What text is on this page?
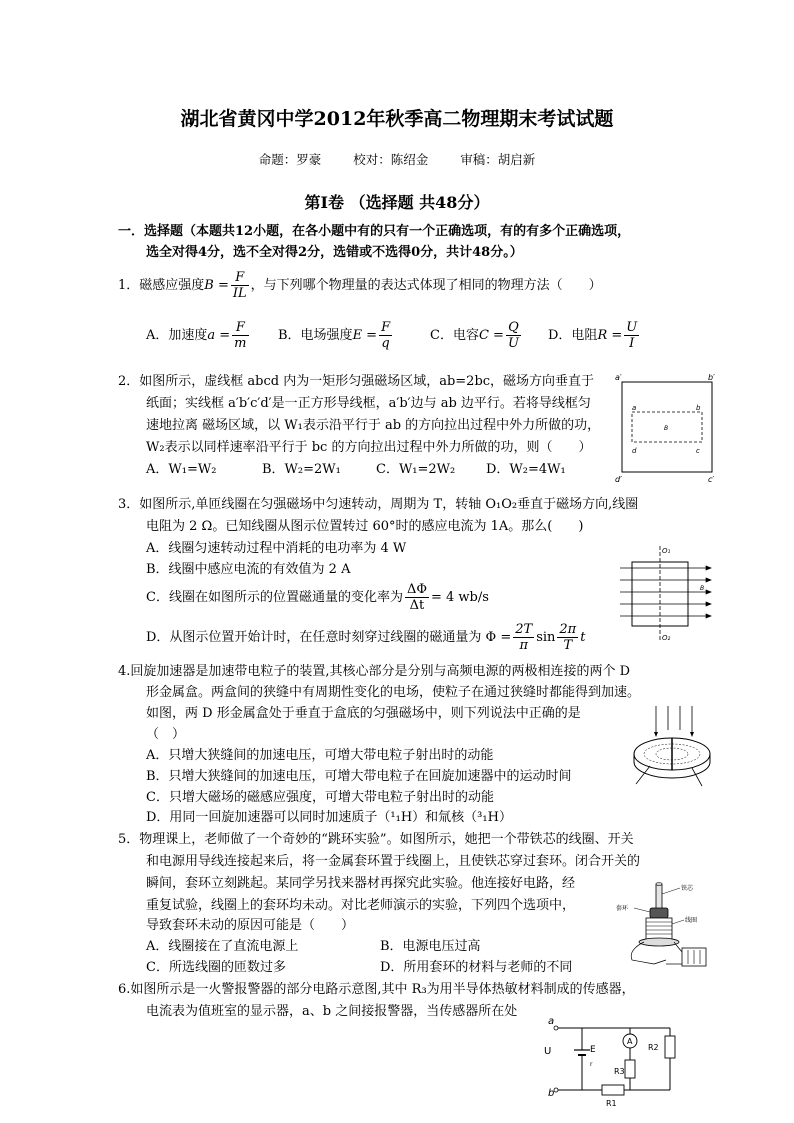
湖北省黄冈中学2012年秋季高二物理期末考试试题
命题：罗豪	校对：陈绍金	审稿：胡启新
第Ⅰ卷 （选择题 共48分）
一．选择题（本题共12小题，在各小题中有的只有一个正确选项，有的有多个正确选项，
选全对得4分，选不全对得2分，选错或不选得0分，共计48分。）
1．磁感应强度$B = \frac{F}{IL}$ ，与下列哪个物理量的表达式体现了相同的物理方法（　　）
A．加速度$a = \frac{F}{m}$ B．电场强度$E = \frac{F}{q}$	C．电容$C = \frac{Q}{U}$ D．电阻$R = \frac{U}{I}$
2．如图所示，虚线框 abcd 内为一矩形匀强磁场区域，ab=2bc，磁场方向垂直于
纸面；实线框 a′b′c′d′是一正方形导线框，a′b′边与 ab 边平行。若将导线框匀
速地拉离 磁场区域，以 W₁表示沿平行于 ab 的方向拉出过程中外力所做的功，
W₂表示以同样速率沿平行于 bc 的方向拉出过程中外力所做的功，则（　　）
A．W₁=W₂	B．W₂=2W₁	C．W₁=2W₂ D．W₂=4W₁
a′	b′
c′
d′
a	b
c
d
B
3．如图所示,单匝线圈在匀强磁场中匀速转动，周期为 T，转轴 O₁O₂垂直于磁场方向,线圈
电阻为 2 Ω。已知线圈从图示位置转过 60°时的感应电流为 1A。那么(　　)
A．线圈匀速转动过程中消耗的电功率为 4 W
B．线圈中感应电流的有效值为 2 A
C．线圈在如图所示的位置磁通量的变化率为 $\frac{\Delta\Phi}{\Delta t} = 4$ wb/s
D．从图示位置开始计时，在任意时刻穿过线圈的磁通量为 $\Phi = \frac{2T}{\pi}$ $\sin \frac{2\pi}{T}$ t
O₁
O₂
B
4.回旋加速器是加速带电粒子的装置,其核心部分是分别与高频电源的两极相连接的两个 D
形金属盒。两盒间的狭缝中有周期性变化的电场，使粒子在通过狭缝时都能得到加速。
如图，两 D 形金属盒处于垂直于盒底的匀强磁场中，则下列说法中正确的是
（　）
A．只增大狭缝间的加速电压，可增大带电粒子射出时的动能
B．只增大狭缝间的加速电压，可增大带电粒子在回旋加速器中的运动时间
C．只增大磁场的磁感应强度，可增大带电粒子射出时的动能
D．用同一回旋加速器可以同时加速质子（¹₁H）和氚核（³₁H）
5．物理课上，老师做了一个奇妙的“跳环实验”。如图所示，她把一个带铁芯的线圈、开关
和电源用导线连接起来后，将一金属套环置于线圈上，且使铁芯穿过套环。闭合开关的
瞬间，套环立刻跳起。某同学另找来器材再探究此实验。他连接好电路，经
重复试验，线圈上的套环均未动。对比老师演示的实验，下列四个选项中，
导致套环未动的原因可能是（　　）
A．线圈接在了直流电源上	B．电源电压过高
C．所选线圈的匝数过多	D．所用套环的材料与老师的不同
铁芯
套环
线圈
6.如图所示是一火警报警器的部分电路示意图,其中 R₃为用半导体热敏材料制成的传感器，
电流表为值班室的显示器，a、b 之间接报警器，当传感器所在处
a
b
U
R1
E
r
A
R3
R2
